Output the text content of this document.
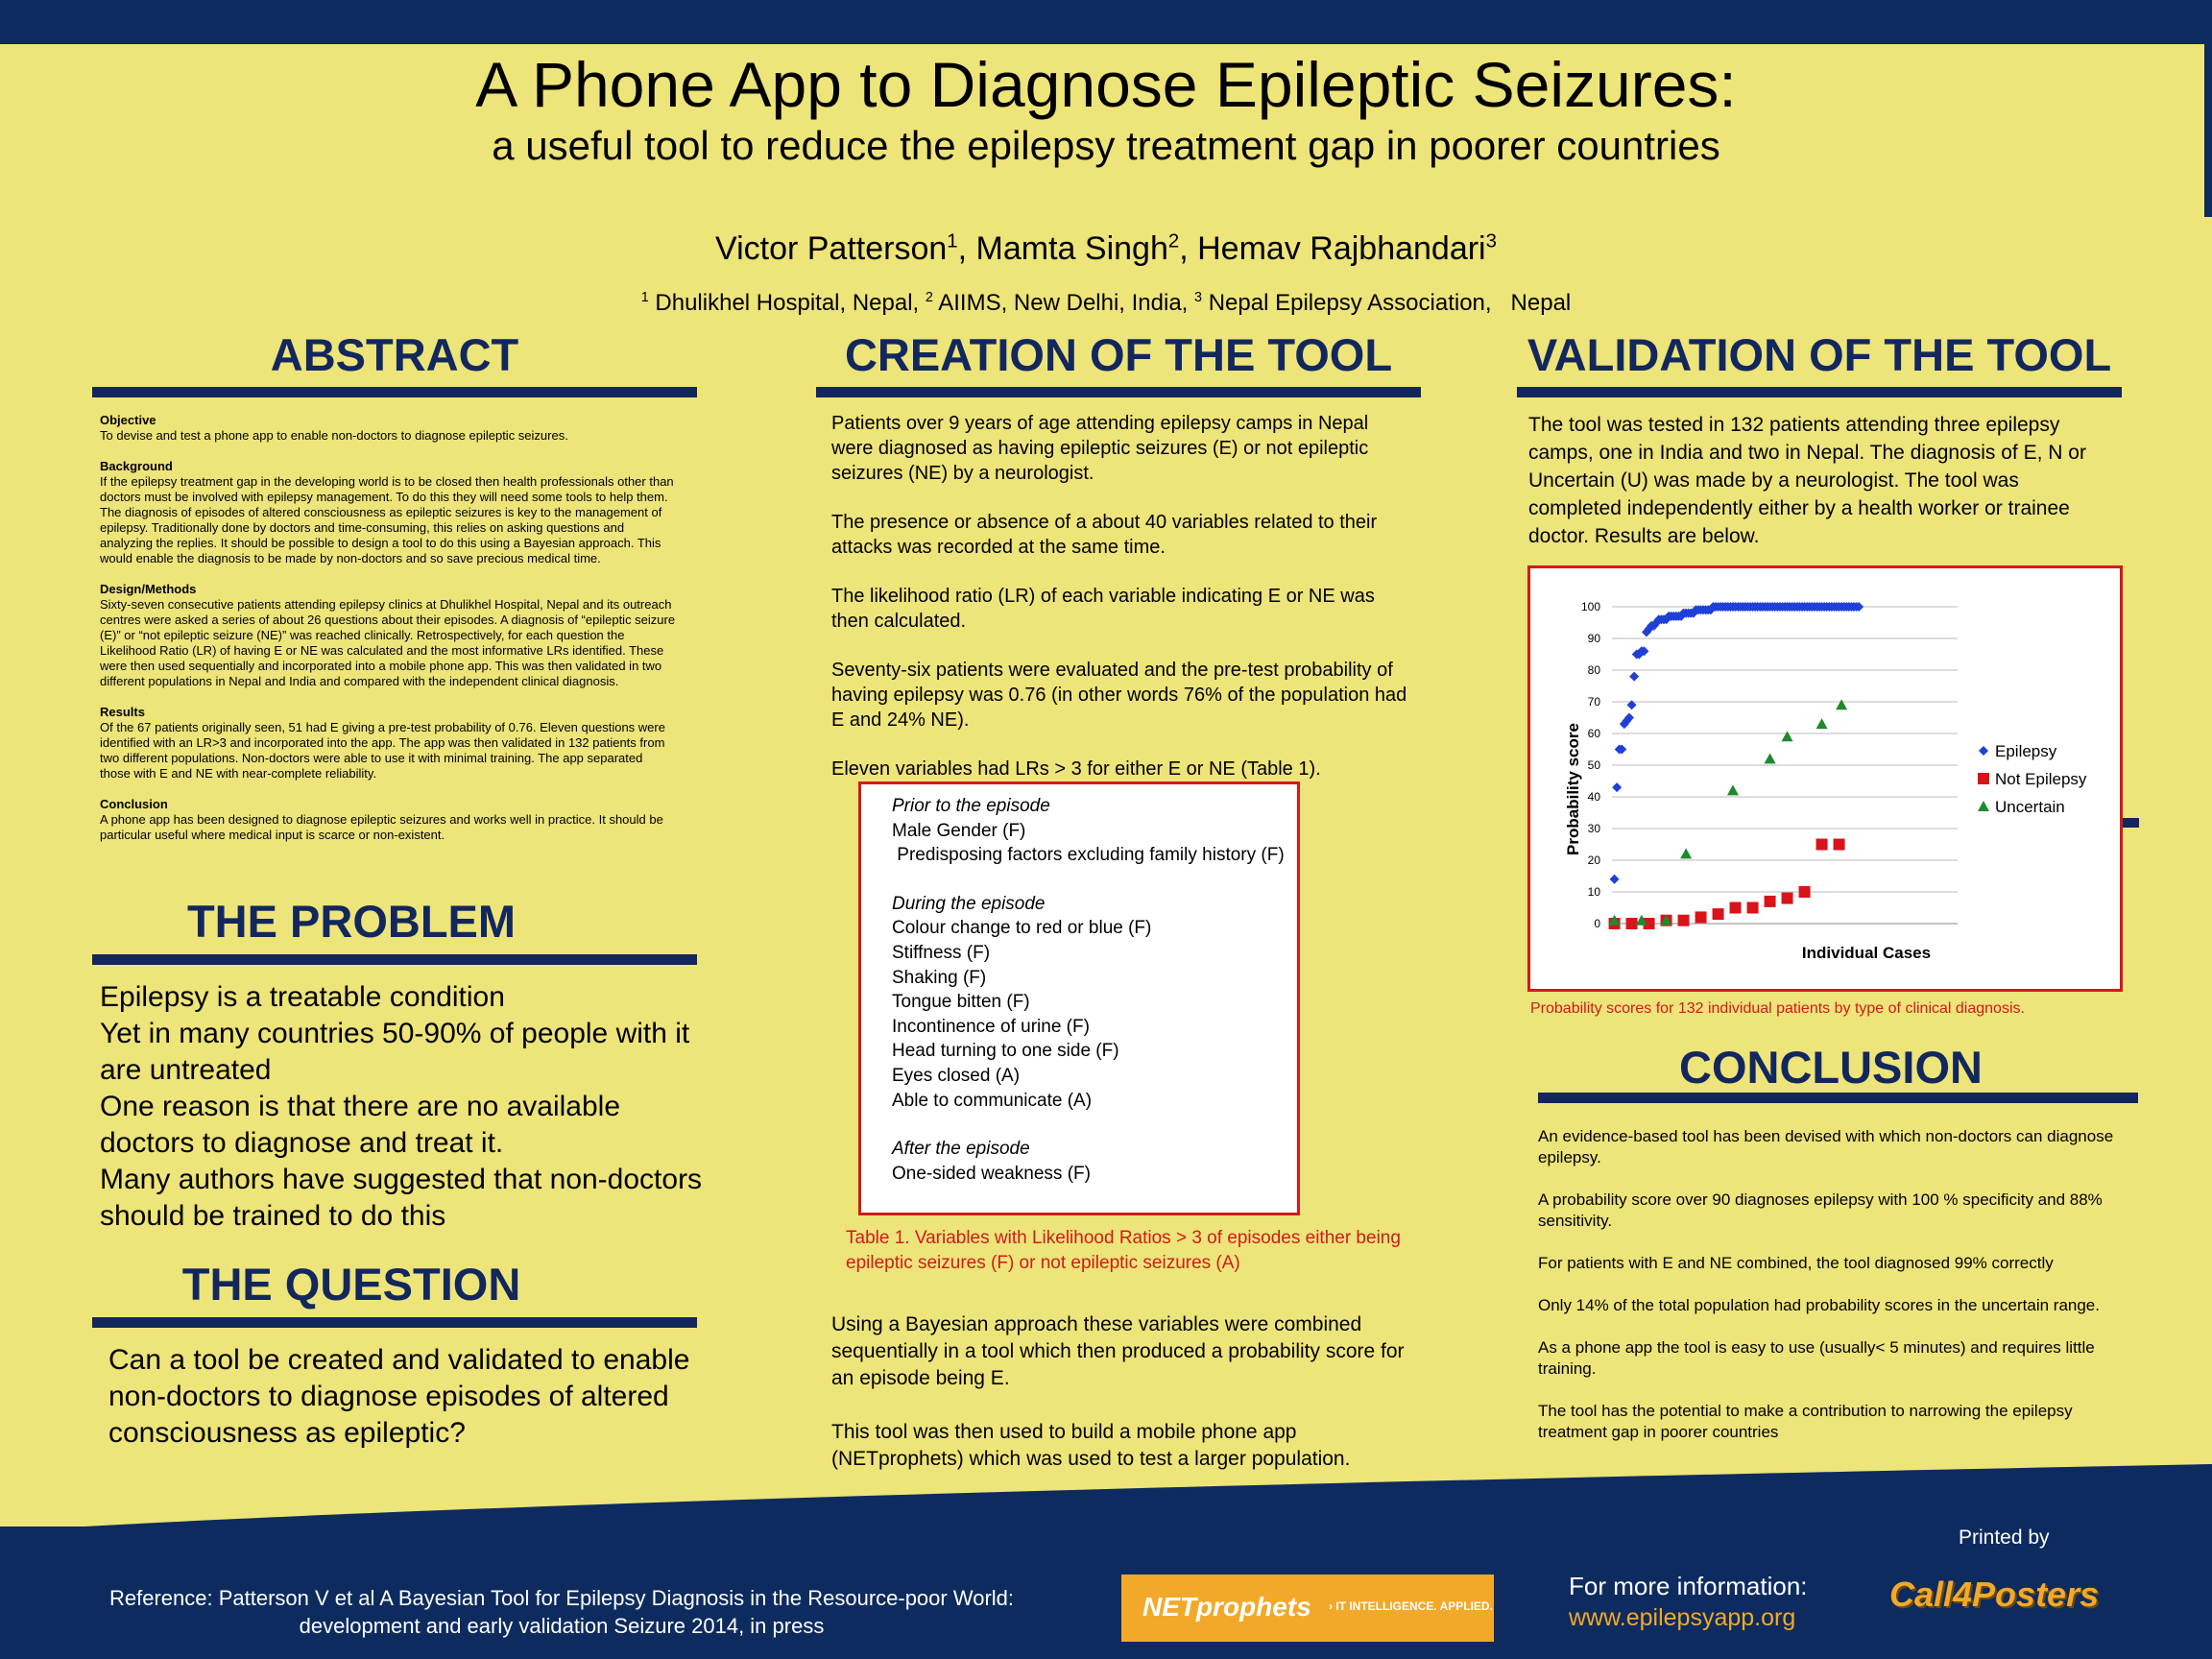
A Phone App to Diagnose Epileptic Seizures:
a useful tool to reduce the epilepsy treatment gap in poorer countries
Victor Patterson$^1$, Mamta Singh$^2$, Hemav Rajbhandari$^3$
$^1$ Dhulikhel Hospital, Nepal, $^2$ AIIMS, New Delhi, India, $^3$ Nepal Epilepsy Association,   Nepal
ABSTRACT
Objective
To devise and test a phone app to enable non-doctors to diagnose epileptic seizures.
Background
If the epilepsy treatment gap in the developing world is to be closed then health professionals other than doctors must be involved with epilepsy management. To do this they will need some tools to help them. The diagnosis of episodes of altered consciousness as epileptic seizures is key to the management of epilepsy. Traditionally done by doctors and time-consuming, this relies on asking questions and analyzing the replies. It should be possible to design a tool to do this using a Bayesian approach. This would enable the diagnosis to be made by non-doctors and so save precious medical time.
Design/Methods
Sixty-seven consecutive patients attending epilepsy clinics at Dhulikhel Hospital, Nepal and its outreach centres were asked a series of about 26 questions about their episodes. A diagnosis of “epileptic seizure (E)” or “not epileptic seizure (NE)” was reached clinically. Retrospectively, for each question the Likelihood Ratio (LR) of having E or NE was calculated and the most informative LRs identified. These were then used sequentially and incorporated into a mobile phone app. This was then validated in two different populations in Nepal and India and compared with the independent clinical diagnosis.
Results
Of the 67 patients originally seen, 51 had E giving a pre-test probability of 0.76. Eleven questions were identified with an LR>3 and incorporated into the app. The app was then validated in 132 patients from two different populations. Non-doctors were able to use it with minimal training. The app separated those with E and NE with near-complete reliability.
Conclusion
A phone app has been designed to diagnose epileptic seizures and works well in practice. It should be particular useful where medical input is scarce or non-existent.
THE PROBLEM
Epilepsy is a treatable condition
Yet in many countries 50-90% of people with it are untreated
One reason is that there are no available doctors to diagnose and treat it.
Many authors have suggested that non-doctors should be trained to do this
THE QUESTION
Can a tool be created and validated to enable non-doctors to diagnose episodes of altered consciousness as epileptic?
CREATION OF THE TOOL
Patients over 9 years of age attending epilepsy camps in Nepal were diagnosed as having epileptic seizures (E) or not epileptic seizures (NE) by a neurologist.
The presence or absence of a about 40 variables related to their attacks was recorded at the same time.
The likelihood ratio (LR) of each variable indicating E or NE was then calculated.
Seventy-six patients were evaluated and the pre-test probability of having epilepsy was 0.76 (in other words 76% of the population had E and 24% NE).
Eleven variables had LRs > 3 for either E or NE (Table 1).
Prior to the episode
Male Gender (F)
Predisposing factors excluding family history (F)
During the episode
Colour change to red or blue (F)
Stiffness (F)
Shaking (F)
Tongue bitten (F)
Incontinence of urine (F)
Head turning to one side (F)
Eyes closed (A)
Able to communicate (A)
After the episode
One-sided weakness (F)
Table 1. Variables with Likelihood Ratios > 3 of episodes either being epileptic seizures (F) or not epileptic seizures (A)
Using a Bayesian approach these variables were combined sequentially in a tool which then produced a probability score for an episode being E.
This tool was then used to build a mobile phone app (NETprophets) which was used to test a larger population.
VALIDATION OF THE TOOL
The tool was tested in 132 patients attending three epilepsy camps, one in India and two in Nepal. The diagnosis of E, N or Uncertain (U) was made by a neurologist. The tool was completed independently either by a health worker or trainee doctor. Results are below.
0
10
20
30
40
50
60
70
80
90
100
Probability score
Individual Cases
Epilepsy
Not Epilepsy
Uncertain
Probability scores for 132 individual patients by type of clinical diagnosis.
CONCLUSION
An evidence-based tool has been devised with which non-doctors can diagnose epilepsy.
A probability score over 90 diagnoses epilepsy with 100 % specificity and 88% sensitivity.
For patients with E and NE combined, the tool diagnosed 99% correctly
Only 14% of the total population had probability scores in the uncertain range.
As a phone app the tool is easy to use (usually< 5 minutes) and requires little training.
The tool has the potential to make a contribution to narrowing the epilepsy treatment gap in poorer countries
Reference: Patterson V et al A Bayesian Tool for Epilepsy Diagnosis in the Resource-poor World: development and early validation Seizure 2014, in press
NETprophets › IT INTELLIGENCE. APPLIED.
For more information:
www.epilepsyapp.org
Printed by
Call4Posters
